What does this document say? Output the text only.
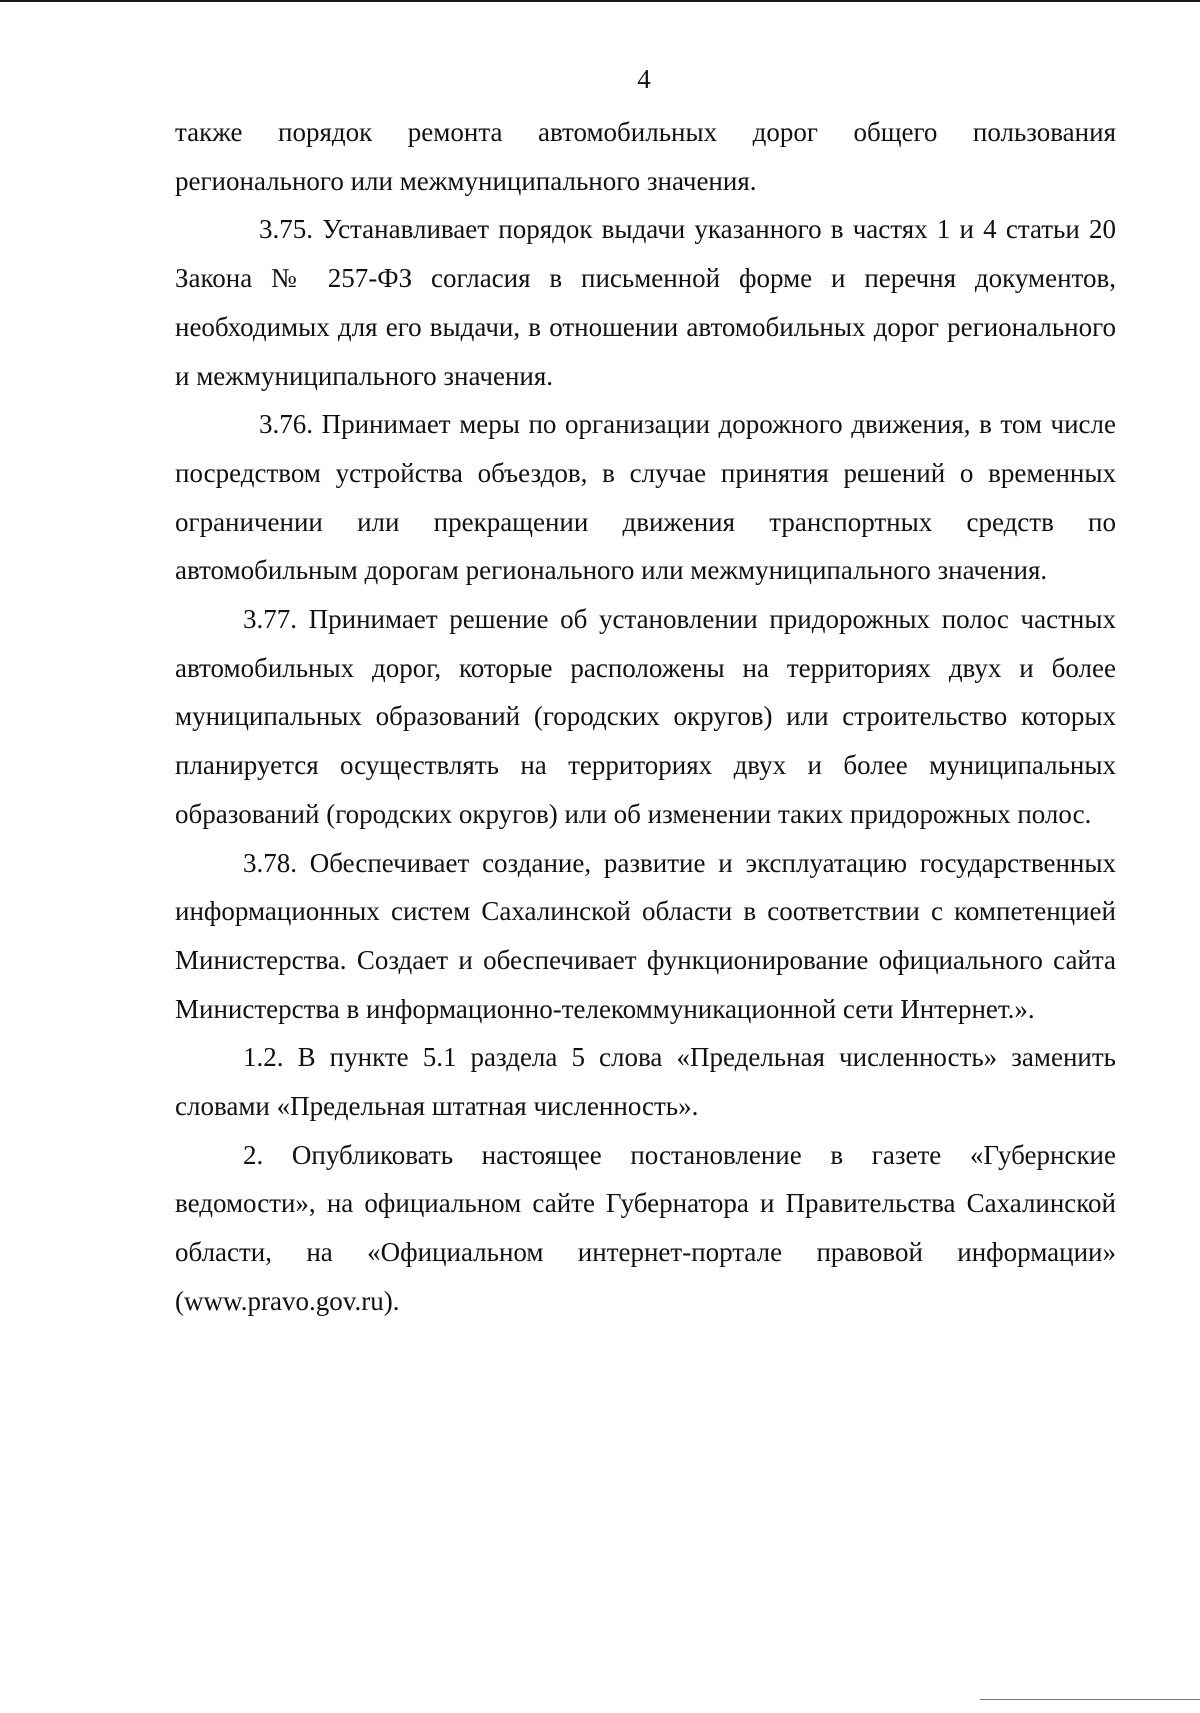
4

также порядок ремонта автомобильных дорог общего пользования регионального или межмуниципального значения.

3.75. Устанавливает порядок выдачи указанного в частях 1 и 4 статьи 20 Закона № 257-ФЗ согласия в письменной форме и перечня документов, необходимых для его выдачи, в отношении автомобильных дорог регионального и межмуниципального значения.

3.76. Принимает меры по организации дорожного движения, в том числе посредством устройства объездов, в случае принятия решений о временных ограничении или прекращении движения транспортных средств по автомобильным дорогам регионального или межмуниципального значения.

3.77. Принимает решение об установлении придорожных полос частных автомобильных дорог, которые расположены на территориях двух и более муниципальных образований (городских округов) или строительство которых планируется осуществлять на территориях двух и более муниципальных образований (городских округов) или об изменении таких придорожных полос.

3.78. Обеспечивает создание, развитие и эксплуатацию государственных информационных систем Сахалинской области в соответствии с компетенцией Министерства. Создает и обеспечивает функционирование официального сайта Министерства в информационно-телекоммуникационной сети Интернет.».

1.2. В пункте 5.1 раздела 5 слова «Предельная численность» заменить словами «Предельная штатная численность».

2. Опубликовать настоящее постановление в газете «Губернские ведомости», на официальном сайте Губернатора и Правительства Сахалинской области, на «Официальном интернет-портале правовой информации» (www.pravo.gov.ru).
